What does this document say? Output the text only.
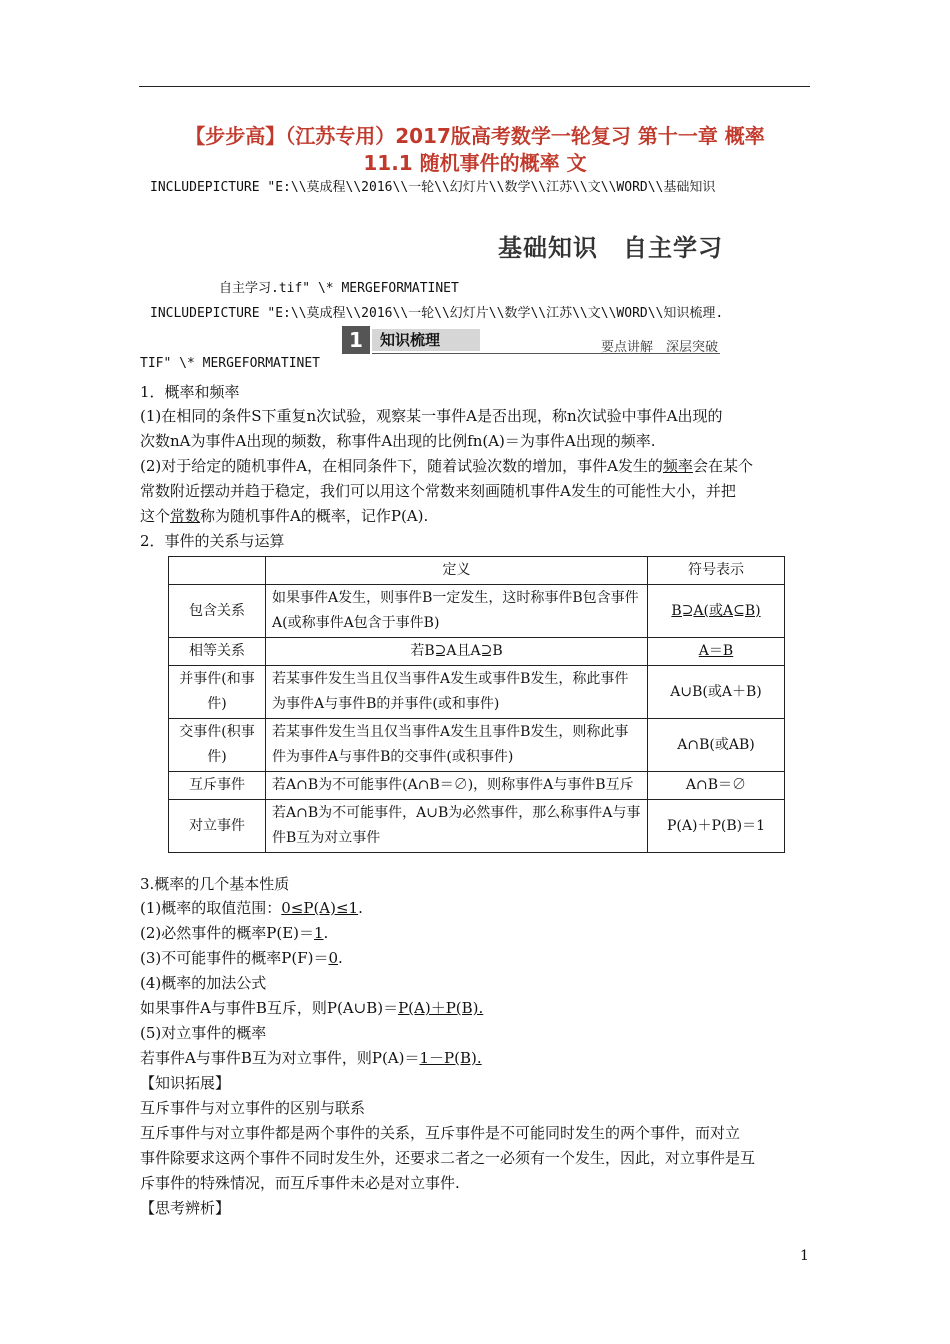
【步步高】（江苏专用）2017版高考数学一轮复习 第十一章 概率
11.1 随机事件的概率 文
INCLUDEPICTURE "E:\\莫成程\\2016\\一轮\\幻灯片\\数学\\江苏\\文\\WORD\\基础知识
基础知识　自主学习
自主学习.tif" \* MERGEFORMATINET
INCLUDEPICTURE "E:\\莫成程\\2016\\一轮\\幻灯片\\数学\\江苏\\文\\WORD\\知识梳理.
1	知识梳理	要点讲解　深层突破
TIF" \* MERGEFORMATINET
1．概率和频率
(1)在相同的条件S下重复n次试验，观察某一事件A是否出现，称n次试验中事件A出现的
次数nA为事件A出现的频数，称事件A出现的比例fn(A)＝为事件A出现的频率.
(2)对于给定的随机事件A，在相同条件下，随着试验次数的增加，事件A发生的频率会在某个
常数附近摆动并趋于稳定，我们可以用这个常数来刻画随机事件A发生的可能性大小，并把
这个常数称为随机事件A的概率，记作P(A).
2．事件的关系与运算
	定义	符号表示
包含关系	如果事件A发生，则事件B一定发生，这时称事件B包含事件A(或称事件A包含于事件B)	B⊇A(或A⊆B)
相等关系	若B⊇A且A⊇B	A＝B
并事件(和事件)	若某事件发生当且仅当事件A发生或事件B发生，称此事件为事件A与事件B的并事件(或和事件)	A∪B(或A＋B)
交事件(积事件)	若某事件发生当且仅当事件A发生且事件B发生，则称此事件为事件A与事件B的交事件(或积事件)	A∩B(或AB)
互斥事件	若A∩B为不可能事件(A∩B＝∅)，则称事件A与事件B互斥	A∩B＝∅
对立事件	若A∩B为不可能事件，A∪B为必然事件，那么称事件A与事件B互为对立事件	P(A)＋P(B)＝1
3.概率的几个基本性质
(1)概率的取值范围：0≤P(A)≤1.
(2)必然事件的概率P(E)＝1.
(3)不可能事件的概率P(F)＝0.
(4)概率的加法公式
如果事件A与事件B互斥，则P(A∪B)＝P(A)＋P(B).
(5)对立事件的概率
若事件A与事件B互为对立事件，则P(A)＝1－P(B).
【知识拓展】
互斥事件与对立事件的区别与联系
互斥事件与对立事件都是两个事件的关系，互斥事件是不可能同时发生的两个事件，而对立
事件除要求这两个事件不同时发生外，还要求二者之一必须有一个发生，因此，对立事件是互
斥事件的特殊情况，而互斥事件未必是对立事件.
【思考辨析】
1
